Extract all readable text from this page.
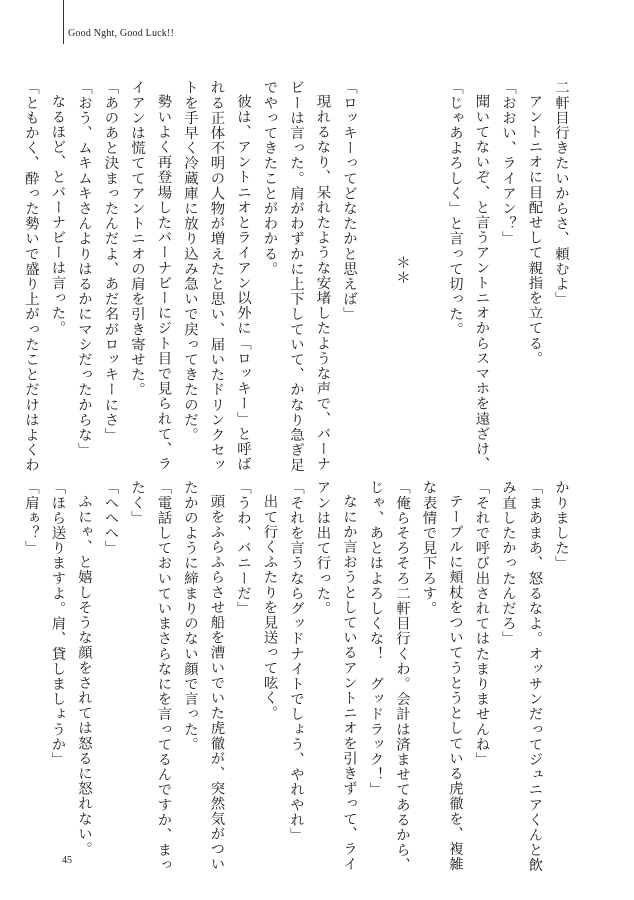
Good Nght, Good Luck!!
二軒目行きたいからさ、頼むよ」
アントニオに目配せして親指を立てる。
「おおい、ライアン？」
聞いてないぞ、と言うアントニオからスマホを遠ざけ、
「じゃあよろしく」と言って切った。

＊＊

「ロッキーってどなたかと思えば」
現れるなり、呆れたような安堵したような声で、バーナ
ビーは言った。肩がわずかに上下していて、かなり急ぎ足
でやってきたことがわかる。
彼は、アントニオとライアン以外に「ロッキー」と呼ば
れる正体不明の人物が増えたと思い、届いたドリンクセッ
トを手早く冷蔵庫に放り込み急いで戻ってきたのだ。
勢いよく再登場したバーナビーにジト目で見られて、ラ
イアンは慌ててアントニオの肩を引き寄せた。
「あのあと決まったんだよ、あだ名がロッキーにさ」
「おう、ムキムキさんよりはるかにマシだったからな」
なるほど、とバーナビーは言った。
「ともかく、酔った勢いで盛り上がったことだけはよくわ
かりました」
「まあまあ、怒るなよ。オッサンだってジュニアくんと飲
み直したかったんだろ」
「それで呼び出されてはたまりませんね」
テーブルに頬杖をついてうとうとしている虎徹を、複雑
な表情で見下ろす。
「俺らそろそろ二軒目行くわ。会計は済ませてあるから、
じゃ、あとはよろしくな！　グッドラック！」
なにか言おうとしているアントニオを引きずって、ライ
アンは出て行った。
「それを言うならグッドナイトでしょう、やれやれ」
出て行くふたりを見送って呟く。
「うわ、バニーだ」
頭をふらふらさせ船を漕いでいた虎徹が、突然気がつい
たかのように締まりのない顔で言った。
「電話しておいていまさらなにを言ってるんですか、まっ
たく」
「へへへ」
ふにゃ、と嬉しそうな顔をされては怒るに怒れない。
「ほら送りますよ。肩、貸しましょうか」
「肩ぁ？」
45
